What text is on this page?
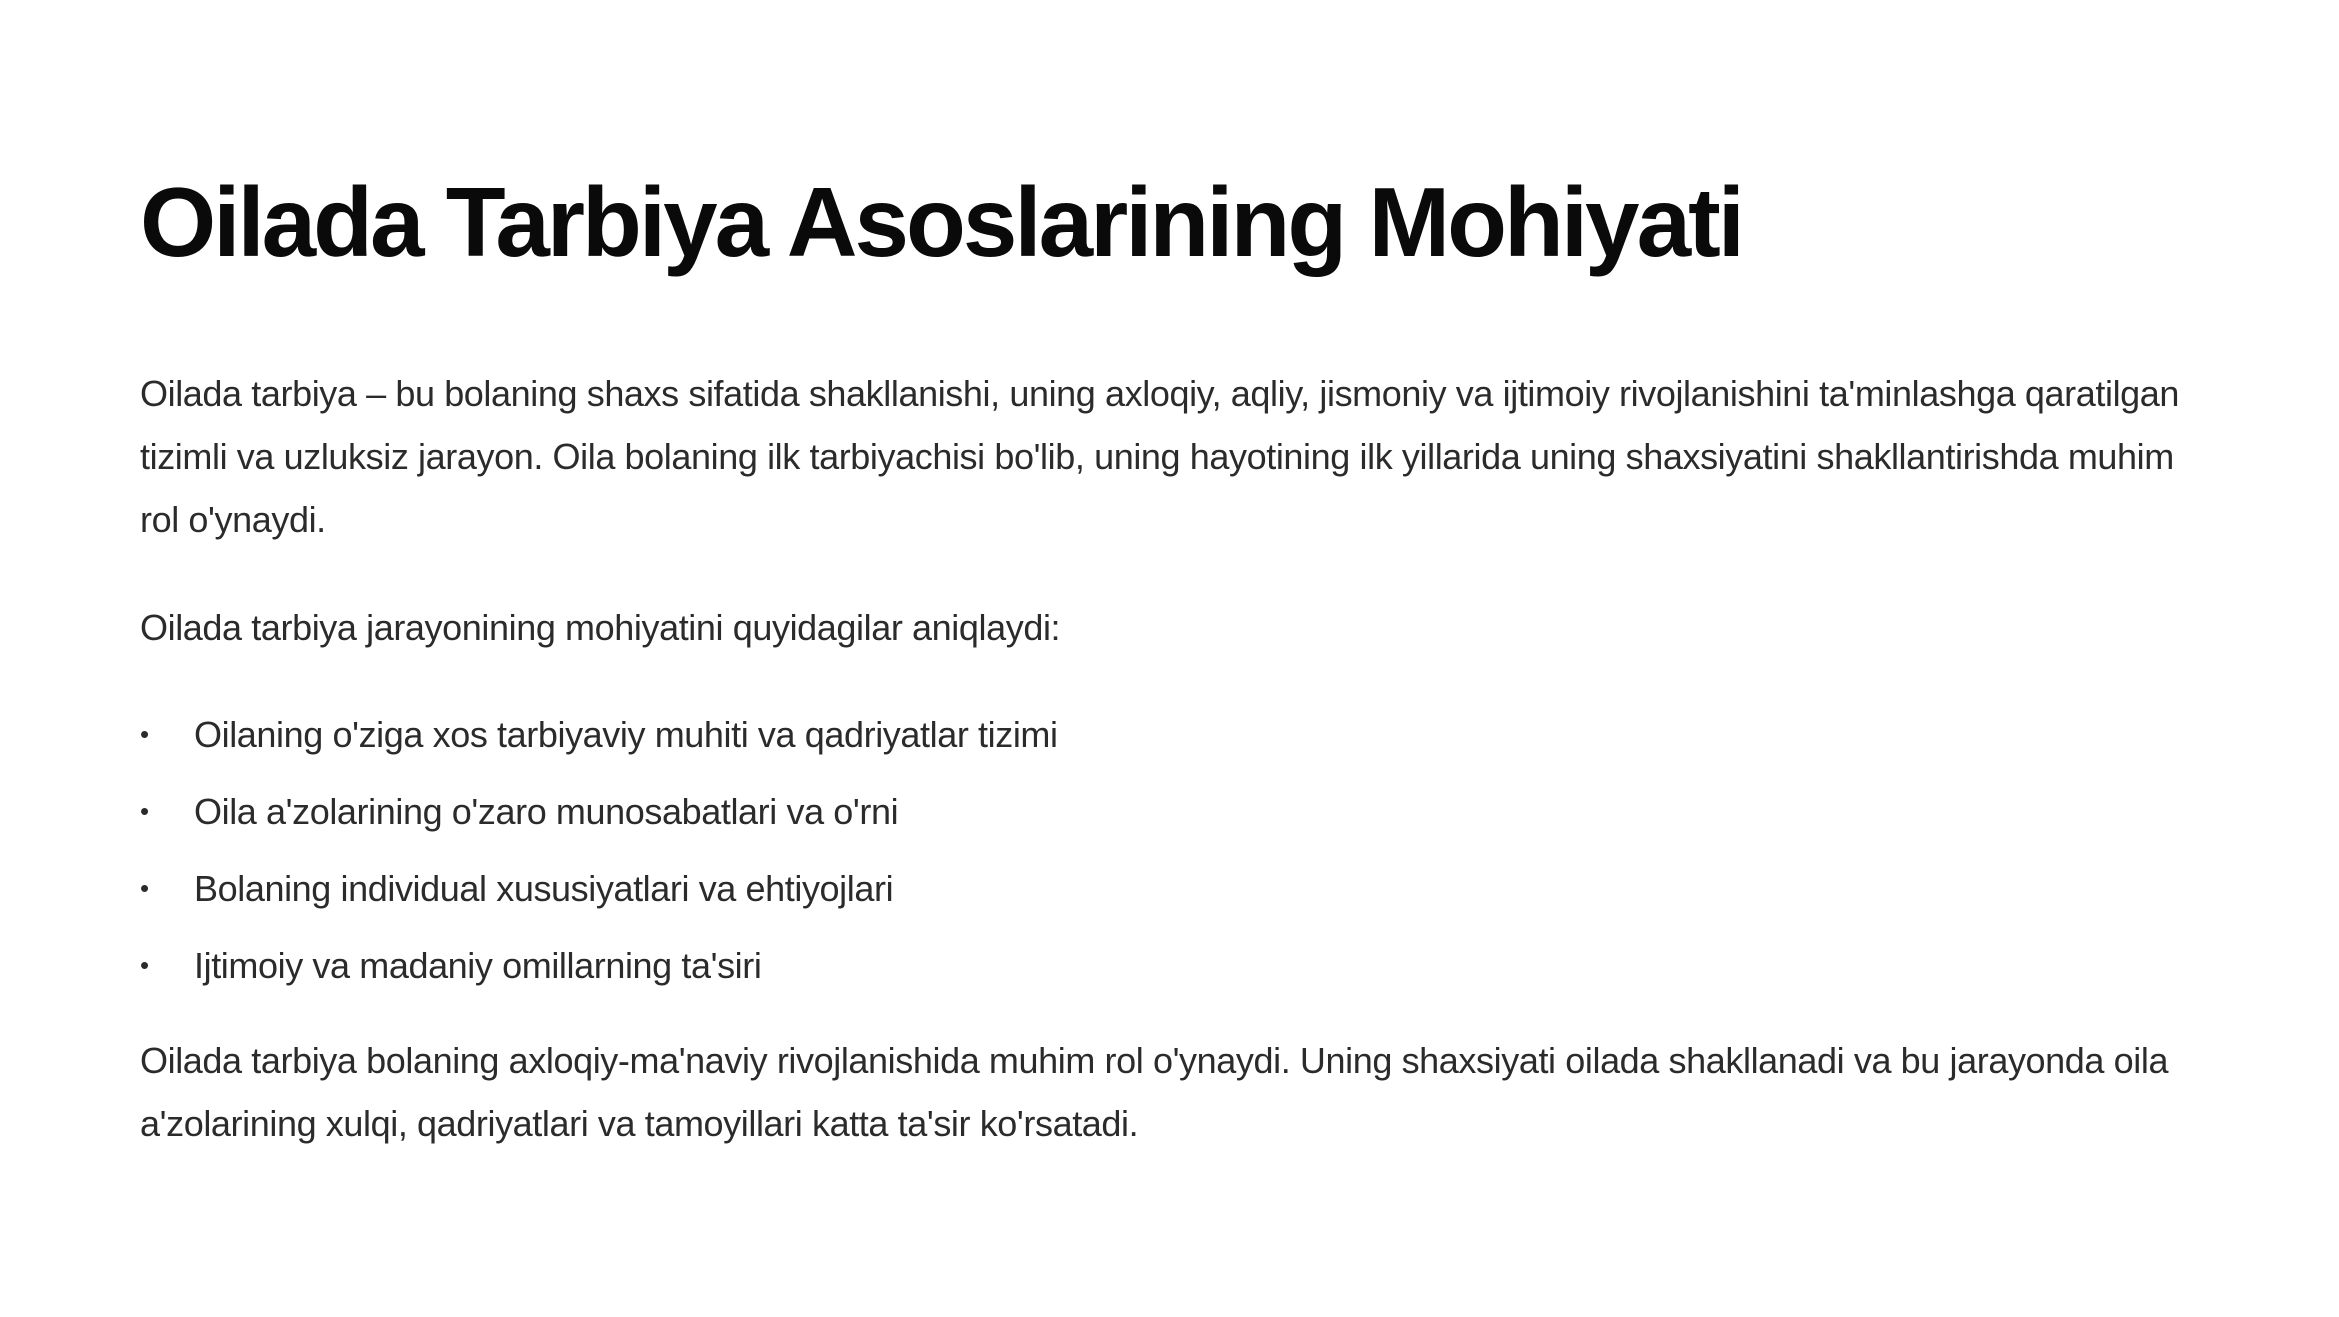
Oilada Tarbiya Asoslarining Mohiyati

Oilada tarbiya – bu bolaning shaxs sifatida shakllanishi, uning axloqiy, aqliy, jismoniy va ijtimoiy rivojlanishini ta'minlashga qaratilgan tizimli va uzluksiz jarayon. Oila bolaning ilk tarbiyachisi bo'lib, uning hayotining ilk yillarida uning shaxsiyatini shakllantirishda muhim rol o'ynaydi.

Oilada tarbiya jarayonining mohiyatini quyidagilar aniqlaydi:

• Oilaning o'ziga xos tarbiyaviy muhiti va qadriyatlar tizimi
• Oila a'zolarining o'zaro munosabatlari va o'rni
• Bolaning individual xususiyatlari va ehtiyojlari
• Ijtimoiy va madaniy omillarning ta'siri

Oilada tarbiya bolaning axloqiy-ma'naviy rivojlanishida muhim rol o'ynaydi. Uning shaxsiyati oilada shakllanadi va bu jarayonda oila a'zolarining xulqi, qadriyatlari va tamoyillari katta ta'sir ko'rsatadi.
